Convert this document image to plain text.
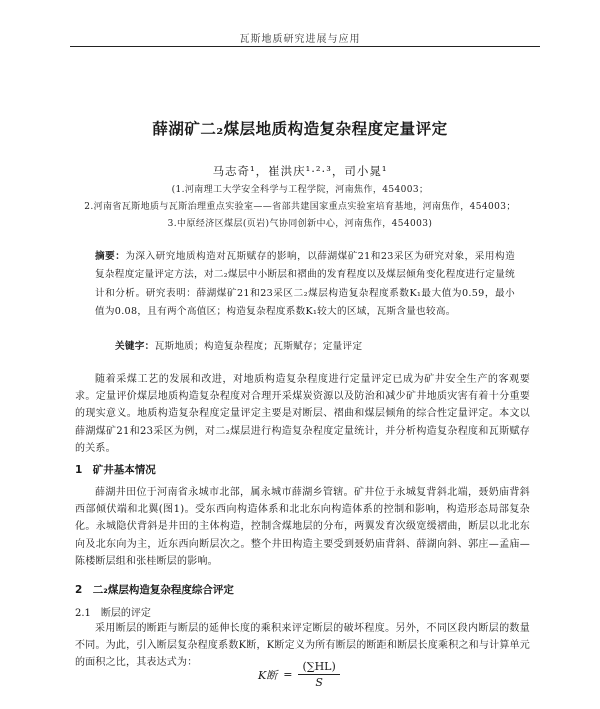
瓦斯地质研究进展与应用
薛湖矿二₂煤层地质构造复杂程度定量评定
马志奇¹，崔洪庆¹·²·³，司小晁¹
(1.河南理工大学安全科学与工程学院，河南焦作，454003；
2.河南省瓦斯地质与瓦斯治理重点实验室——省部共建国家重点实验室培育基地，河南焦作，454003；
3.中原经济区煤层(页岩)气协同创新中心，河南焦作，454003)
摘要：为深入研究地质构造对瓦斯赋存的影响，以薛湖煤矿21和23采区为研究对象，采用构造复杂程度定量评定方法，对二₂煤层中小断层和褶曲的发育程度以及煤层倾角变化程度进行定量统计和分析。研究表明：薛湖煤矿21和23采区二₂煤层构造复杂程度系数K₁最大值为0.59，最小值为0.08，且有两个高值区；构造复杂程度系数K₁较大的区域，瓦斯含量也较高。
关键字：瓦斯地质；构造复杂程度；瓦斯赋存；定量评定
随着采煤工艺的发展和改进，对地质构造复杂程度进行定量评定已成为矿井安全生产的客观要求。定量评价煤层地质构造复杂程度对合理开采煤炭资源以及防治和减少矿井地质灾害有着十分重要的现实意义。地质构造复杂程度定量评定主要是对断层、褶曲和煤层倾角的综合性定量评定。本文以薛湖煤矿21和23采区为例，对二₂煤层进行构造复杂程度定量统计，并分析构造复杂程度和瓦斯赋存的关系。
1　矿井基本情况
薛湖井田位于河南省永城市北部，属永城市薛湖乡管辖。矿井位于永城复背斜北端，聂奶庙背斜西部倾伏端和北翼(图1)。受东西向构造体系和北北东向构造体系的控制和影响，构造形态局部复杂化。永城隐伏背斜是井田的主体构造，控制含煤地层的分布，两翼发育次级宽缓褶曲，断层以北北东向及北东向为主，近东西向断层次之。整个井田构造主要受到聂奶庙背斜、薛湖向斜、郭庄—孟庙—陈楼断层组和张桂断层的影响。
2　二₂煤层构造复杂程度综合评定
2.1　断层的评定
采用断层的断距与断层的延伸长度的乘积来评定断层的破坏程度。另外，不同区段内断层的数量不同。为此，引入断层复杂程度系数K断，K断定义为所有断层的断距和断层长度乘积之和与计算单元的面积之比，其表达式为：
K断 = $\frac{(\sum HL)}{S}$
